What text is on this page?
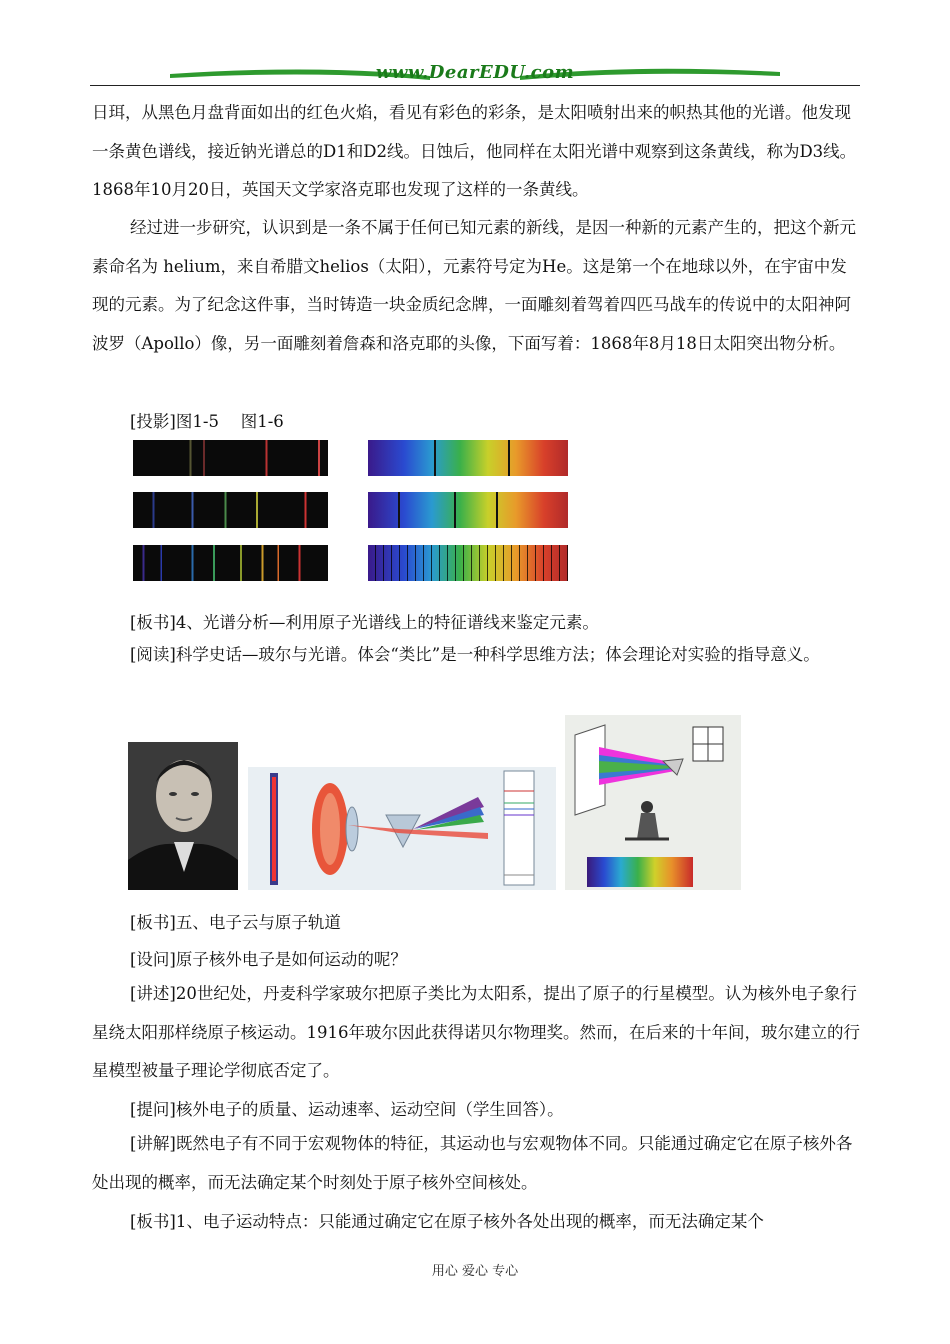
www.DearEDU.com

日珥，从黑色月盘背面如出的红色火焰，看见有彩色的彩条，是太阳喷射出来的帜热其他的光谱。他发现一条黄色谱线，接近钠光谱总的D1和D2线。日蚀后，他同样在太阳光谱中观察到这条黄线，称为D3线。1868年10月20日，英国天文学家洛克耶也发现了这样的一条黄线。

经过进一步研究，认识到是一条不属于任何已知元素的新线，是因一种新的元素产生的，把这个新元素命名为 helium，来自希腊文helios（太阳），元素符号定为He。这是第一个在地球以外，在宇宙中发现的元素。为了纪念这件事，当时铸造一块金质纪念牌，一面雕刻着驾着四匹马战车的传说中的太阳神阿波罗（Apollo）像，另一面雕刻着詹森和洛克耶的头像，下面写着：1868年8月18日太阳突出物分析。

[投影]图1-5　 图1-6
[板书]4、光谱分析—利用原子光谱线上的特征谱线来鉴定元素。

[阅读]科学史话—玻尔与光谱。体会“类比”是一种科学思维方法；体会理论对实验的指导意义。

[板书]五、电子云与原子轨道
[设问]原子核外电子是如何运动的呢？

[讲述]20世纪处，丹麦科学家玻尔把原子类比为太阳系，提出了原子的行星模型。认为核外电子象行星绕太阳那样绕原子核运动。1916年玻尔因此获得诺贝尔物理奖。然而，在后来的十年间，玻尔建立的行星模型被量子理论学彻底否定了。

[提问]核外电子的质量、运动速率、运动空间（学生回答）。

[讲解]既然电子有不同于宏观物体的特征，其运动也与宏观物体不同。只能通过确定它在原子核外各处出现的概率，而无法确定某个时刻处于原子核外空间核处。

[板书]1、电子运动特点：只能通过确定它在原子核外各处出现的概率，而无法确定某个
用心 爱心 专心
